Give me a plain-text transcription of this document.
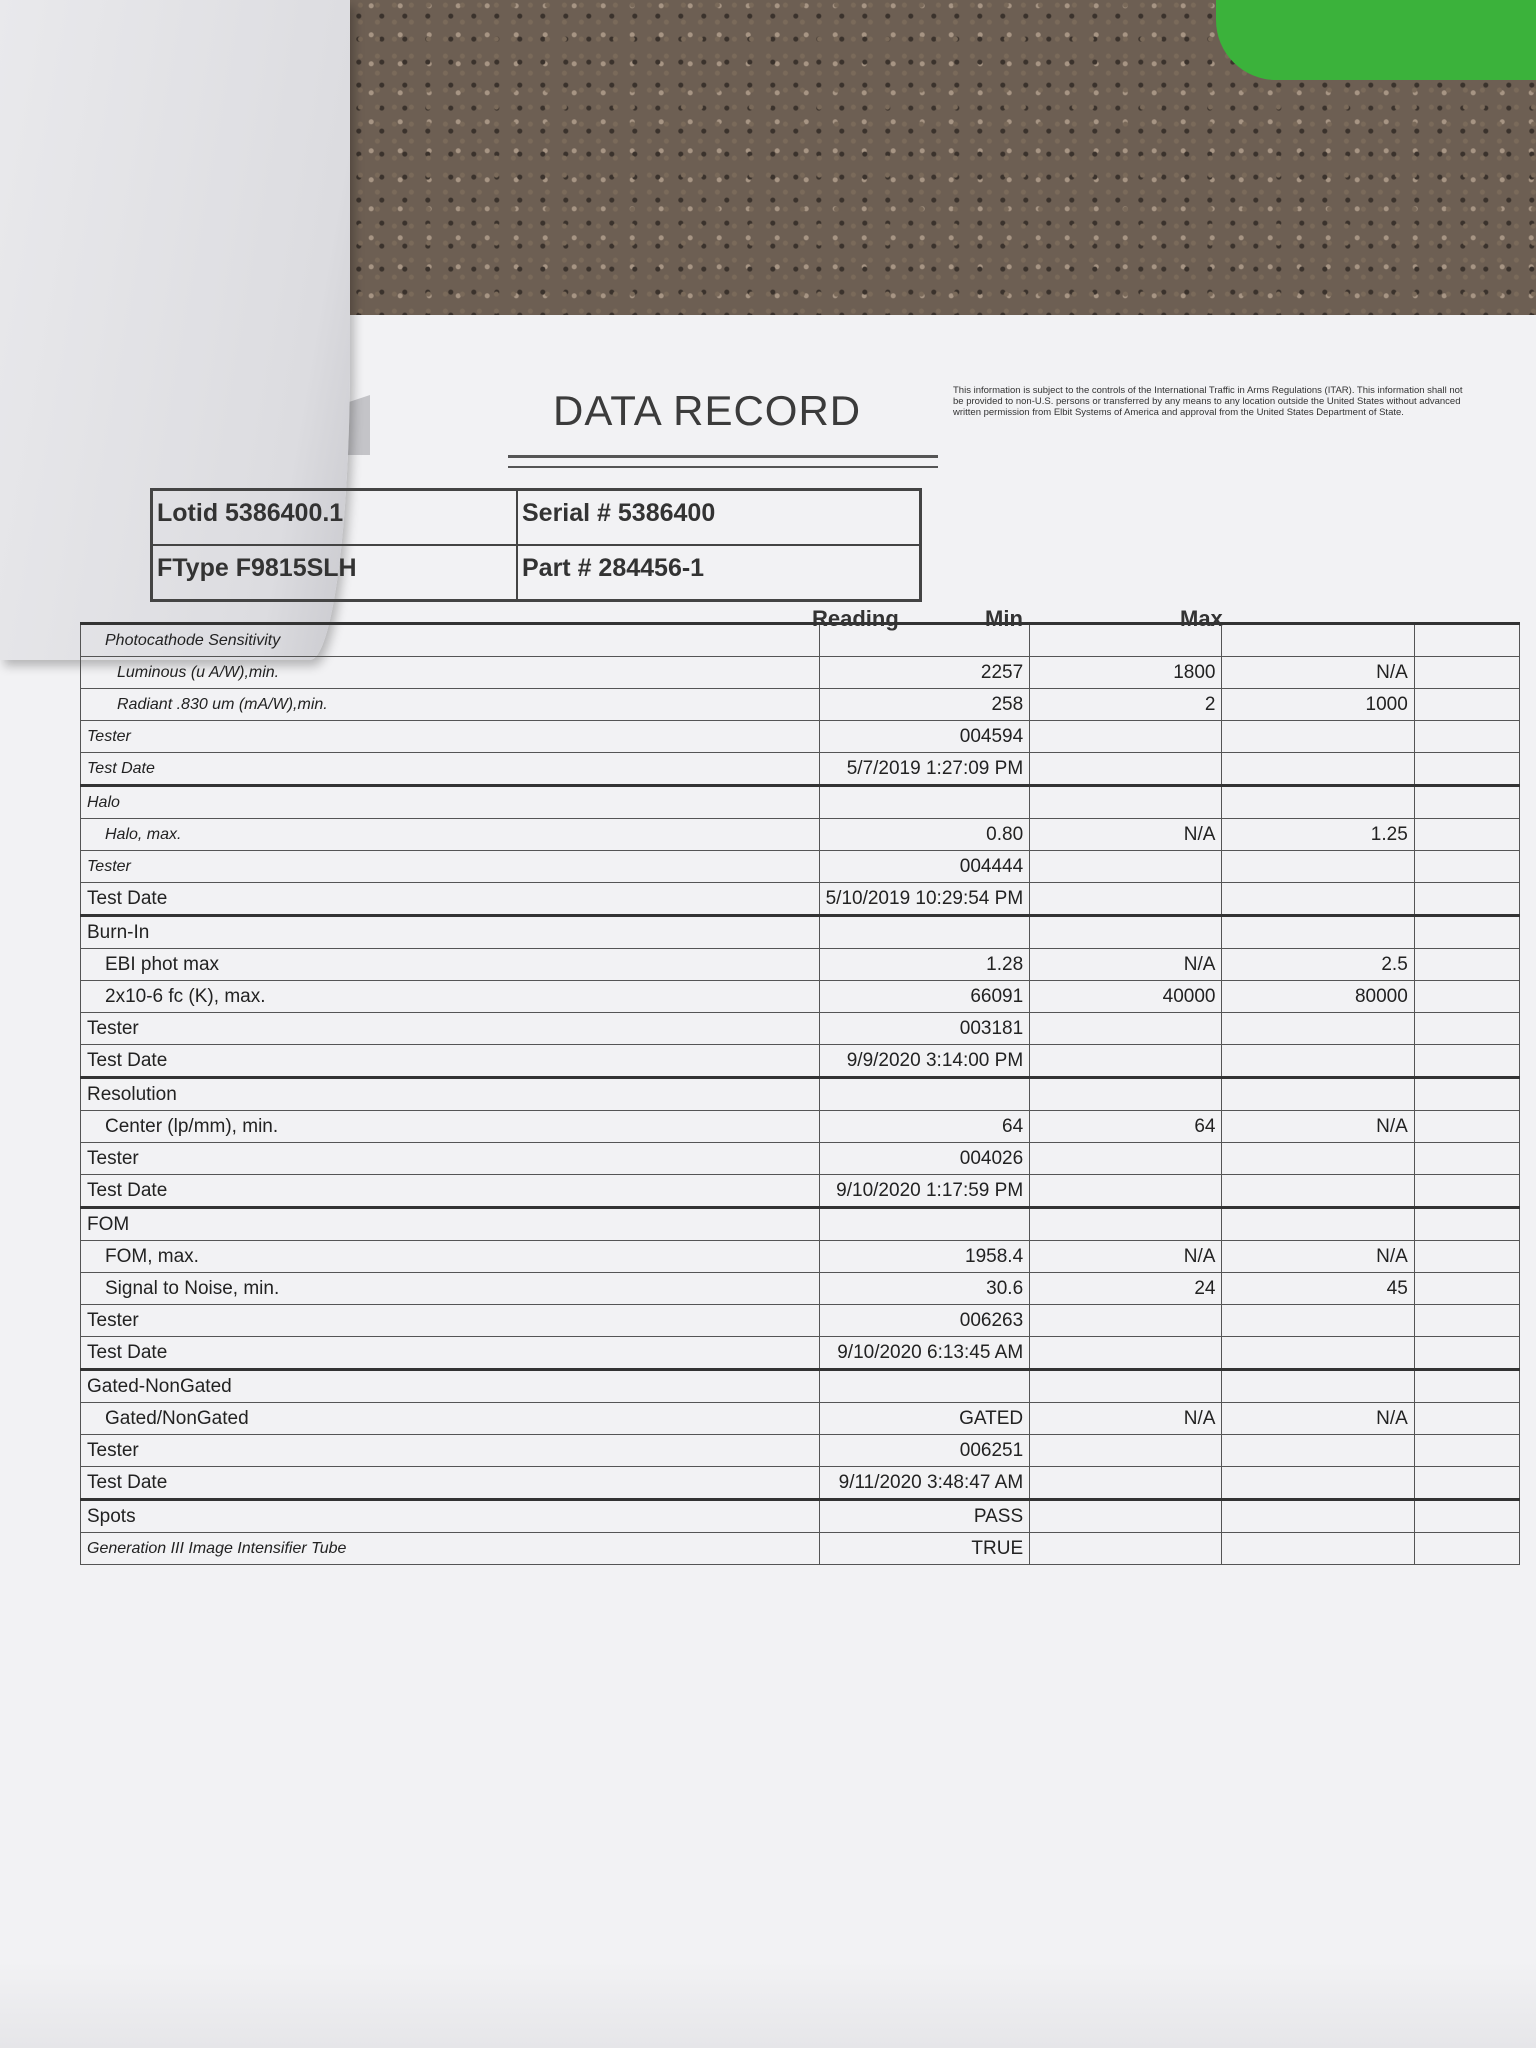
DATA RECORD	This information is subject to the controls of the International Traffic in Arms Regulations (ITAR). This information shall not be provided to non-U.S. persons or transferred by any means to any location outside the United States without advanced written permission from Elbit Systems of America and approval from the United States Department of State.
Lotid 5386400.1	Serial # 5386400
FType F9815SLH	Part # 284456-1
Reading	Min	Max
Photocathode Sensitivity				
Luminous (u A/W),min.	2257	1800	N/A	
Radiant .830 um (mA/W),min.	258	2	1000	
Tester	004594			
Test Date	5/7/2019 1:27:09 PM			
Halo				
Halo, max.	0.80	N/A	1.25	
Tester	004444			
Test Date	5/10/2019 10:29:54 PM			
Burn-In				
EBI phot max	1.28	N/A	2.5	
2x10-6 fc (K), max.	66091	40000	80000	
Tester	003181			
Test Date	9/9/2020 3:14:00 PM			
Resolution				
Center (lp/mm), min.	64	64	N/A	
Tester	004026			
Test Date	9/10/2020 1:17:59 PM			
FOM				
FOM, max.	1958.4	N/A	N/A	
Signal to Noise, min.	30.6	24	45	
Tester	006263			
Test Date	9/10/2020 6:13:45 AM			
Gated-NonGated				
Gated/NonGated	GATED	N/A	N/A	
Tester	006251			
Test Date	9/11/2020 3:48:47 AM			
Spots	PASS			
Generation III Image Intensifier Tube	TRUE			
